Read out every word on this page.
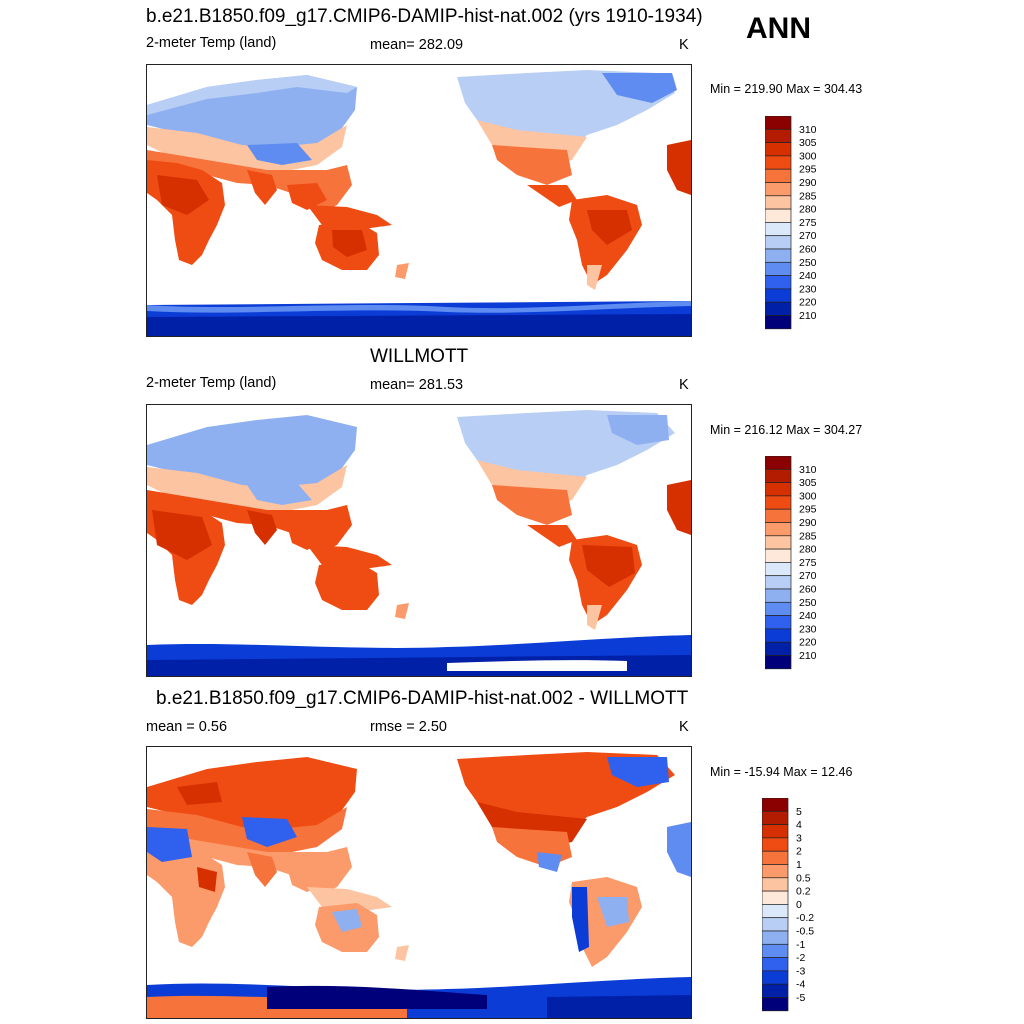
ANN
b.e21.B1850.f09_g17.CMIP6-DAMIP-hist-nat.002 (yrs 1910-1934)
2-meter Temp (land)	mean= 282.09	K
Min = 219.90 Max = 304.43
310
305
300
295
290
285
280
275
270
260
250
240
230
220
210
WILLMOTT
2-meter Temp (land)	mean= 281.53	K
Min = 216.12 Max = 304.27
310
305
300
295
290
285
280
275
270
260
250
240
230
220
210
b.e21.B1850.f09_g17.CMIP6-DAMIP-hist-nat.002 - WILLMOTT
mean = 0.56	rmse = 2.50	K
Min = -15.94 Max = 12.46
5
4
3
2
1
0.5
0.2
0
-0.2
-0.5
-1
-2
-3
-4
-5
